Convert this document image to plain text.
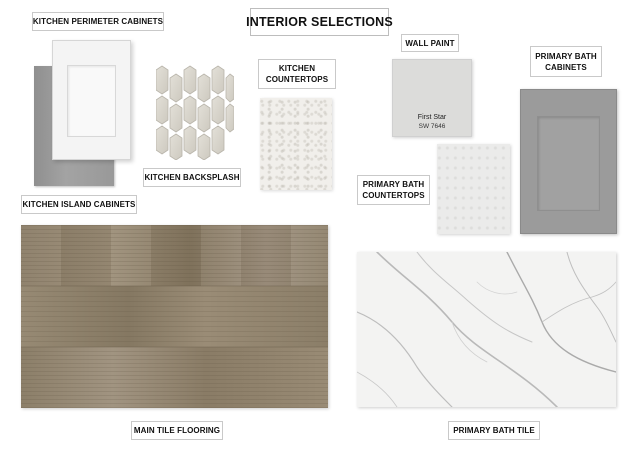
INTERIOR SELECTIONS
KITCHEN PERIMETER CABINETS
KITCHEN ISLAND CABINETS
KITCHEN BACKSPLASH
KITCHEN
COUNTERTOPS
WALL PAINT
First Star
SW 7646
PRIMARY BATH
COUNTERTOPS
PRIMARY BATH
CABINETS
MAIN TILE FLOORING	PRIMARY BATH TILE
